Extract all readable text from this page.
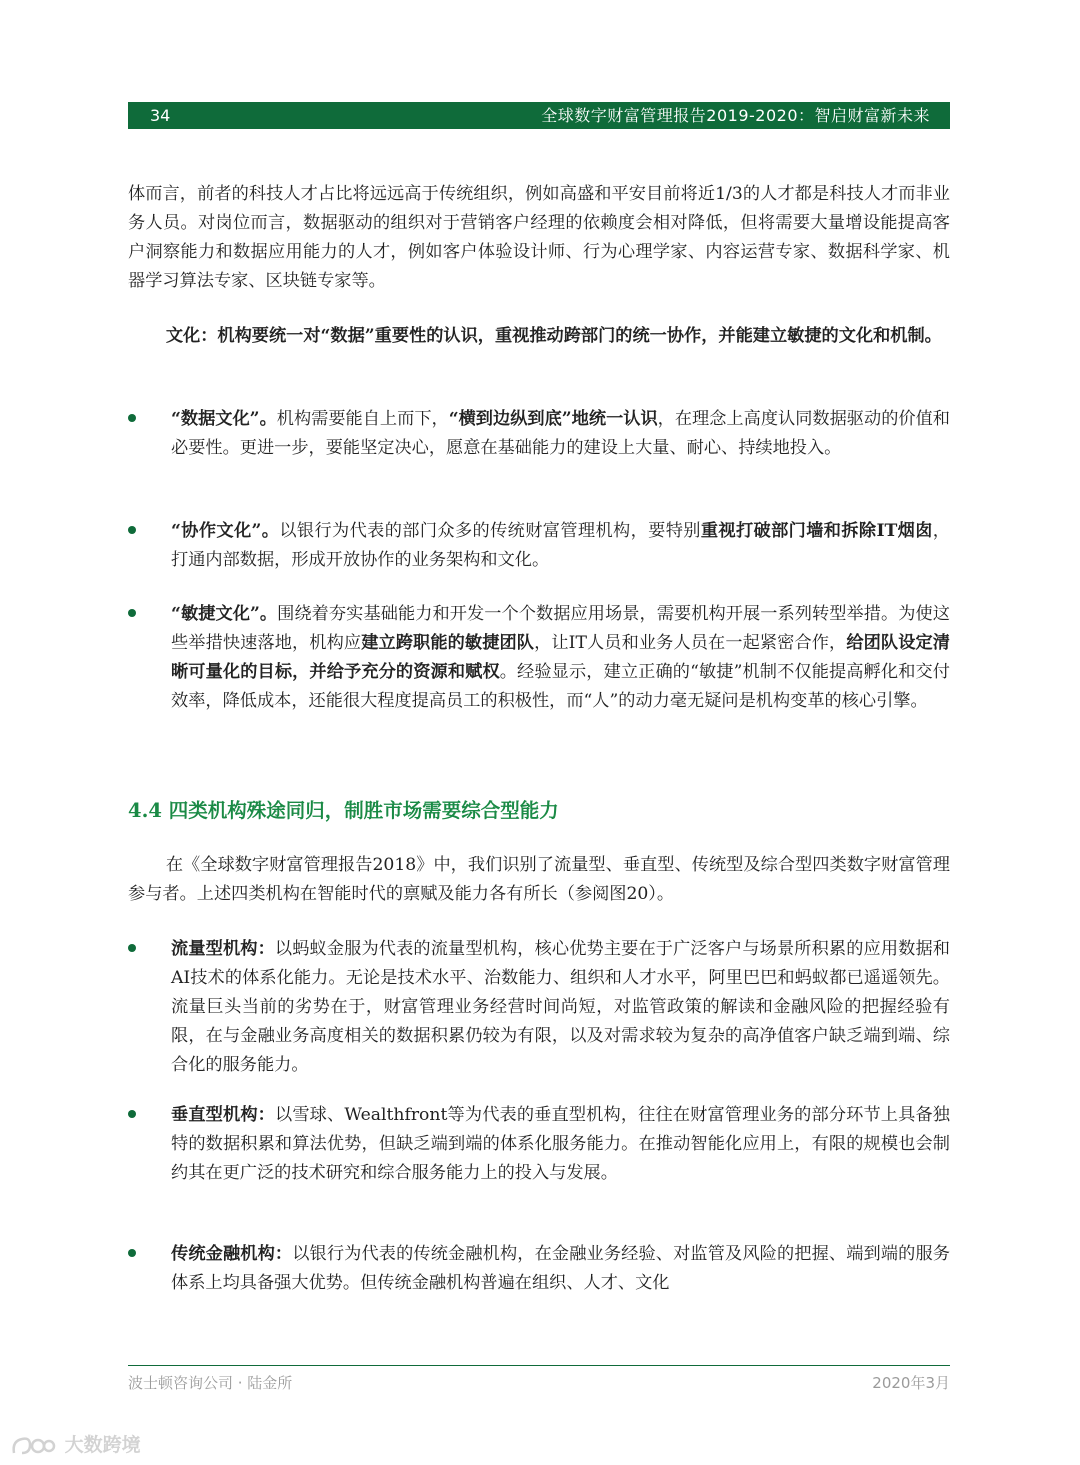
34	全球数字财富管理报告2019-2020：智启财富新未来

体而言，前者的科技人才占比将远远高于传统组织，例如高盛和平安目前将近1/3的人才都是科技人才而非业务人员。对岗位而言，数据驱动的组织对于营销客户经理的依赖度会相对降低，但将需要大量增设能提高客户洞察能力和数据应用能力的人才，例如客户体验设计师、行为心理学家、内容运营专家、数据科学家、机器学习算法专家、区块链专家等。

文化：机构要统一对“数据”重要性的认识，重视推动跨部门的统一协作，并能建立敏捷的文化和机制。

“数据文化”。机构需要能自上而下，“横到边纵到底”地统一认识，在理念上高度认同数据驱动的价值和必要性。更进一步，要能坚定决心，愿意在基础能力的建设上大量、耐心、持续地投入。

“协作文化”。以银行为代表的部门众多的传统财富管理机构，要特别重视打破部门墙和拆除IT烟囱，打通内部数据，形成开放协作的业务架构和文化。

“敏捷文化”。围绕着夯实基础能力和开发一个个数据应用场景，需要机构开展一系列转型举措。为使这些举措快速落地，机构应建立跨职能的敏捷团队，让IT人员和业务人员在一起紧密合作，给团队设定清晰可量化的目标，并给予充分的资源和赋权。经验显示，建立正确的“敏捷”机制不仅能提高孵化和交付效率，降低成本，还能很大程度提高员工的积极性，而“人”的动力毫无疑问是机构变革的核心引擎。

4.4 四类机构殊途同归，制胜市场需要综合型能力

在《全球数字财富管理报告2018》中，我们识别了流量型、垂直型、传统型及综合型四类数字财富管理参与者。上述四类机构在智能时代的禀赋及能力各有所长（参阅图20）。

流量型机构：以蚂蚁金服为代表的流量型机构，核心优势主要在于广泛客户与场景所积累的应用数据和AI技术的体系化能力。无论是技术水平、治数能力、组织和人才水平，阿里巴巴和蚂蚁都已遥遥领先。流量巨头当前的劣势在于，财富管理业务经营时间尚短，对监管政策的解读和金融风险的把握经验有限，在与金融业务高度相关的数据积累仍较为有限，以及对需求较为复杂的高净值客户缺乏端到端、综合化的服务能力。

垂直型机构：以雪球、Wealthfront等为代表的垂直型机构，往往在财富管理业务的部分环节上具备独特的数据积累和算法优势，但缺乏端到端的体系化服务能力。在推动智能化应用上，有限的规模也会制约其在更广泛的技术研究和综合服务能力上的投入与发展。

传统金融机构：以银行为代表的传统金融机构，在金融业务经验、对监管及风险的把握、端到端的服务体系上均具备强大优势。但传统金融机构普遍在组织、人才、文化

波士顿咨询公司 · 陆金所	2020年3月
大数跨境
